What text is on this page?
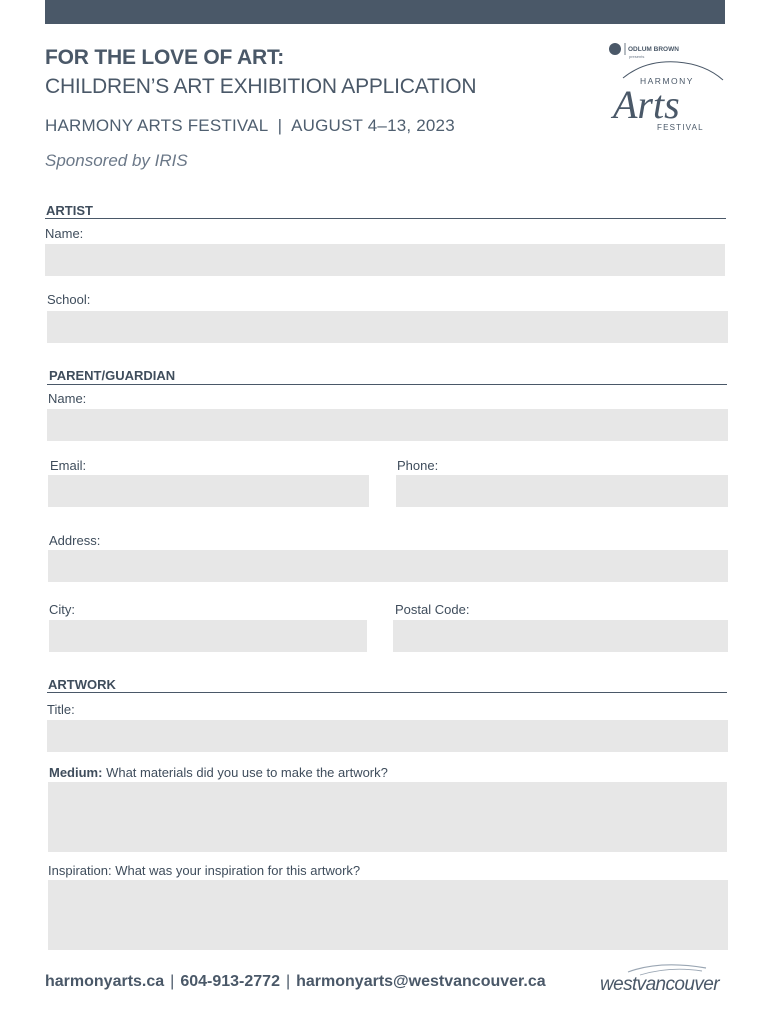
FOR THE LOVE OF ART:
CHILDREN’S ART EXHIBITION APPLICATION
HARMONY ARTS FESTIVAL  |  AUGUST 4–13, 2023
Sponsored by IRIS
ODLUM BROWN
presents
HARMONY
Arts
FESTIVAL
ARTIST
Name:
School:
PARENT/GUARDIAN
Name:
Email:	Phone:
Address:
City:	Postal Code:
ARTWORK
Title:
Medium: What materials did you use to make the artwork?
Inspiration: What was your inspiration for this artwork?
harmonyarts.ca | 604-913-2772 | harmonyarts@westvancouver.ca	westvancouver
